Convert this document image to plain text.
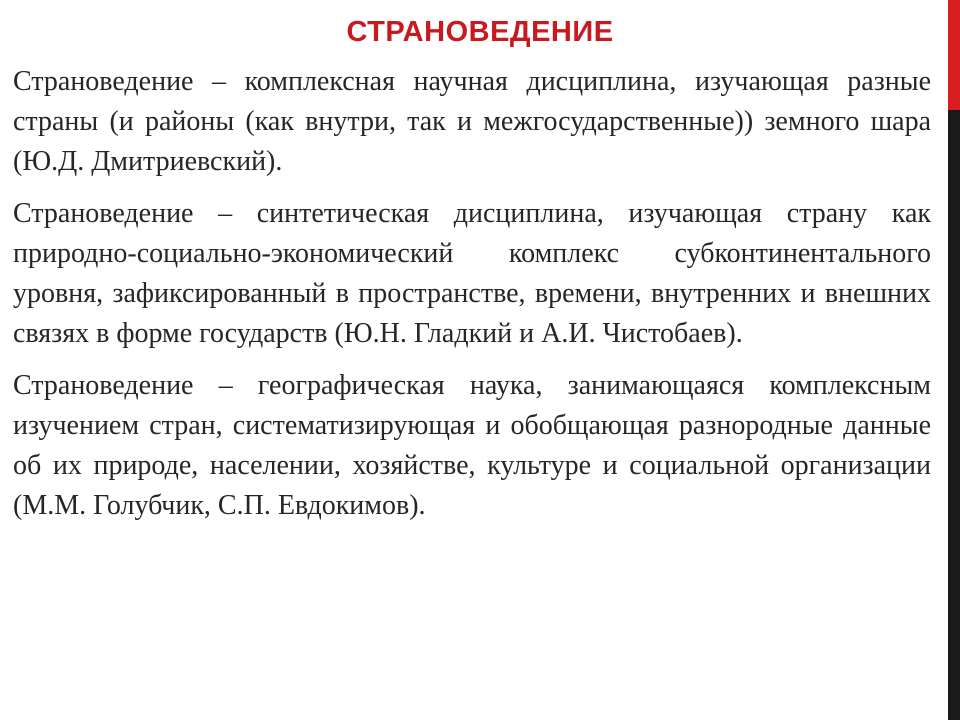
СТРАНОВЕДЕНИЕ

Страноведение – комплексная научная дисциплина, изучающая разные страны (и районы (как внутри, так и межгосударственные)) земного шара (Ю.Д. Дмитриевский).

Страноведение – синтетическая дисциплина, изучающая страну как природно-социально-экономический комплекс субконтинентального уровня, зафиксированный в пространстве, времени, внутренних и внешних связях в форме государств (Ю.Н. Гладкий и А.И. Чистобаев).

Страноведение – географическая наука, занимающаяся комплексным изучением стран, систематизирующая и обобщающая разнородные данные об их природе, населении, хозяйстве, культуре и социальной организации (М.М. Голубчик, С.П. Евдокимов).
